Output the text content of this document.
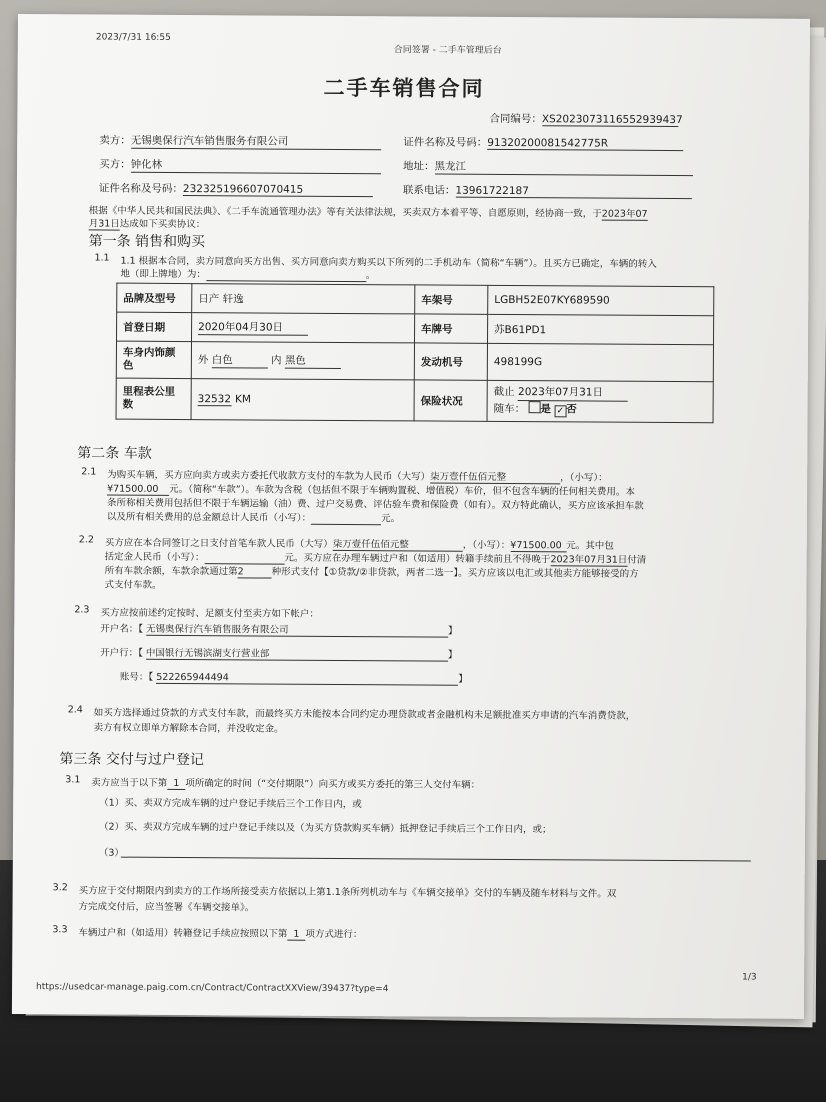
2023/7/31 16:55
合同签署 - 二手车管理后台
二手车销售合同
合同编号：XS2023073116552939437
卖方：无锡奥保行汽车销售服务有限公司	证件名称及号码：91320200081542775R
买方：钟化林	地址：黑龙江
证件名称及号码：232325196607070415	联系电话：13961722187
根据《中华人民共和国民法典》、《二手车流通管理办法》等有关法律法规，买卖双方本着平等、自愿原则，经协商一致，于2023年07
月31日达成如下买卖协议：
第一条 销售和购买
1.1 1.1 根据本合同，卖方同意向买方出售、买方同意向卖方购买以下所列的二手机动车（简称“车辆”）。且买方已确定，车辆的转入
地（即上牌地）为：	。
品牌及型号	日产 轩逸	车架号	LGBH52E07KY689590
首登日期	2020年04月30日	车牌号	苏B61PD1
车身内饰颜
色	外 白色 内 黑色	发动机号	498199G
里程表公里
数	32532 KM	保险状况	截止 2023年07月31日
随车： 是 ✓ 否
第二条 车款
2.1 为购买车辆，买方应向卖方或卖方委托代收款方支付的车款为人民币（大写）柒万壹仟伍佰元整	，（小写）：
¥71500.00 元。（简称“车款”）。车款为含税（包括但不限于车辆购置税、增值税）车价，但不包含车辆的任何相关费用。本
条所称相关费用包括但不限于车辆运输（油）费、过户交易费、评估验车费和保险费（如有）。双方特此确认，买方应该承担车款
以及所有相关费用的总金额总计人民币（小写）：	元。
2.2 买方应在本合同签订之日支付首笔车款人民币（大写）柒万壹仟伍佰元整	，（小写）：¥71500.00 元。其中包
括定金人民币（小写）：	元。买方应在办理车辆过户和（如适用）转籍手续前且不得晚于2023年07月31日付清
所有车款余额，车款余款通过第2	种形式支付【①贷款/②非贷款，两者二选一】。买方应该以电汇或其他卖方能够接受的方
式支付车款。
2.3 买方应按前述约定按时、足额支付至卖方如下帐户：
开户名：【 无锡奥保行汽车销售服务有限公司	】
开户行：【 中国银行无锡滨湖支行营业部	】
账号：【 522265944494	】
2.4 如买方选择通过贷款的方式支付车款，而最终买方未能按本合同约定办理贷款或者金融机构未足额批准买方申请的汽车消费贷款，
卖方有权立即单方解除本合同，并没收定金。
第三条 交付与过户登记
3.1 卖方应当于以下第 1 项所确定的时间（“交付期限”）向买方或买方委托的第三人交付车辆：
（1）买、卖双方完成车辆的过户登记手续后三个工作日内，或
（2）买、卖双方完成车辆的过户登记手续以及（为买方贷款购买车辆）抵押登记手续后三个工作日内，或；
（3）
3.2 买方应于交付期限内到卖方的工作场所接受卖方依据以上第1.1条所列机动车与《车辆交接单》交付的车辆及随车材料与文件。双
方完成交付后，应当签署《车辆交接单》。
3.3 车辆过户和（如适用）转籍登记手续应按照以下第 1 项方式进行：
https://usedcar-manage.paig.com.cn/Contract/ContractXXView/39437?type=4
1/3
